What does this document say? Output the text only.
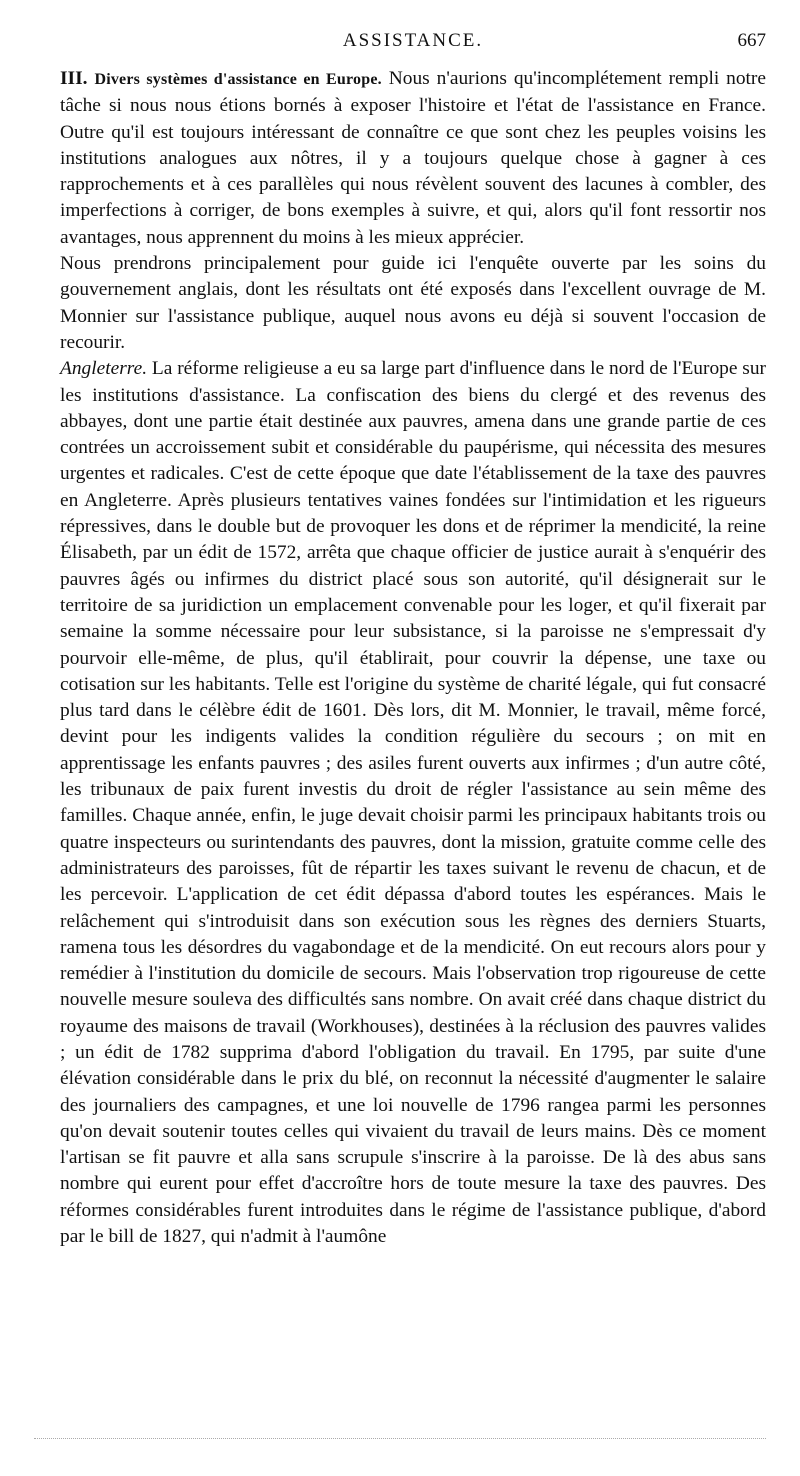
ASSISTANCE.	667

III. Divers systèmes d'assistance en Europe. Nous n'aurions qu'incomplétement rempli notre tâche si nous nous étions bornés à exposer l'histoire et l'état de l'assistance en France. Outre qu'il est toujours intéressant de connaître ce que sont chez les peuples voisins les institutions analogues aux nôtres, il y a toujours quelque chose à gagner à ces rapprochements et à ces parallèles qui nous révèlent souvent des lacunes à combler, des imperfections à corriger, de bons exemples à suivre, et qui, alors qu'il font ressortir nos avantages, nous apprennent du moins à les mieux apprécier.

Nous prendrons principalement pour guide ici l'enquête ouverte par les soins du gouvernement anglais, dont les résultats ont été exposés dans l'excellent ouvrage de M. Monnier sur l'assistance publique, auquel nous avons eu déjà si souvent l'occasion de recourir.

Angleterre. La réforme religieuse a eu sa large part d'influence dans le nord de l'Europe sur les institutions d'assistance. La confiscation des biens du clergé et des revenus des abbayes, dont une partie était destinée aux pauvres, amena dans une grande partie de ces contrées un accroissement subit et considérable du paupérisme, qui nécessita des mesures urgentes et radicales. C'est de cette époque que date l'établissement de la taxe des pauvres en Angleterre. Après plusieurs tentatives vaines fondées sur l'intimidation et les rigueurs répressives, dans le double but de provoquer les dons et de réprimer la mendicité, la reine Élisabeth, par un édit de 1572, arrêta que chaque officier de justice aurait à s'enquérir des pauvres âgés ou infirmes du district placé sous son autorité, qu'il désignerait sur le territoire de sa juridiction un emplacement convenable pour les loger, et qu'il fixerait par semaine la somme nécessaire pour leur subsistance, si la paroisse ne s'empressait d'y pourvoir elle-même, de plus, qu'il établirait, pour couvrir la dépense, une taxe ou cotisation sur les habitants. Telle est l'origine du système de charité légale, qui fut consacré plus tard dans le célèbre édit de 1601. Dès lors, dit M. Monnier, le travail, même forcé, devint pour les indigents valides la condition régulière du secours ; on mit en apprentissage les enfants pauvres ; des asiles furent ouverts aux infirmes ; d'un autre côté, les tribunaux de paix furent investis du droit de régler l'assistance au sein même des familles. Chaque année, enfin, le juge devait choisir parmi les principaux habitants trois ou quatre inspecteurs ou surintendants des pauvres, dont la mission, gratuite comme celle des administrateurs des paroisses, fût de répartir les taxes suivant le revenu de chacun, et de les percevoir. L'application de cet édit dépassa d'abord toutes les espérances. Mais le relâchement qui s'introduisit dans son exécution sous les règnes des derniers Stuarts, ramena tous les désordres du vagabondage et de la mendicité. On eut recours alors pour y remédier à l'institution du domicile de secours. Mais l'observation trop rigoureuse de cette nouvelle mesure souleva des difficultés sans nombre. On avait créé dans chaque district du royaume des maisons de travail (Workhouses), destinées à la réclusion des pauvres valides ; un édit de 1782 supprima d'abord l'obligation du travail. En 1795, par suite d'une élévation considérable dans le prix du blé, on reconnut la nécessité d'augmenter le salaire des journaliers des campagnes, et une loi nouvelle de 1796 rangea parmi les personnes qu'on devait soutenir toutes celles qui vivaient du travail de leurs mains. Dès ce moment l'artisan se fit pauvre et alla sans scrupule s'inscrire à la paroisse. De là des abus sans nombre qui eurent pour effet d'accroître hors de toute mesure la taxe des pauvres. Des réformes considérables furent introduites dans le régime de l'assistance publique, d'abord par le bill de 1827, qui n'admit à l'aumône
